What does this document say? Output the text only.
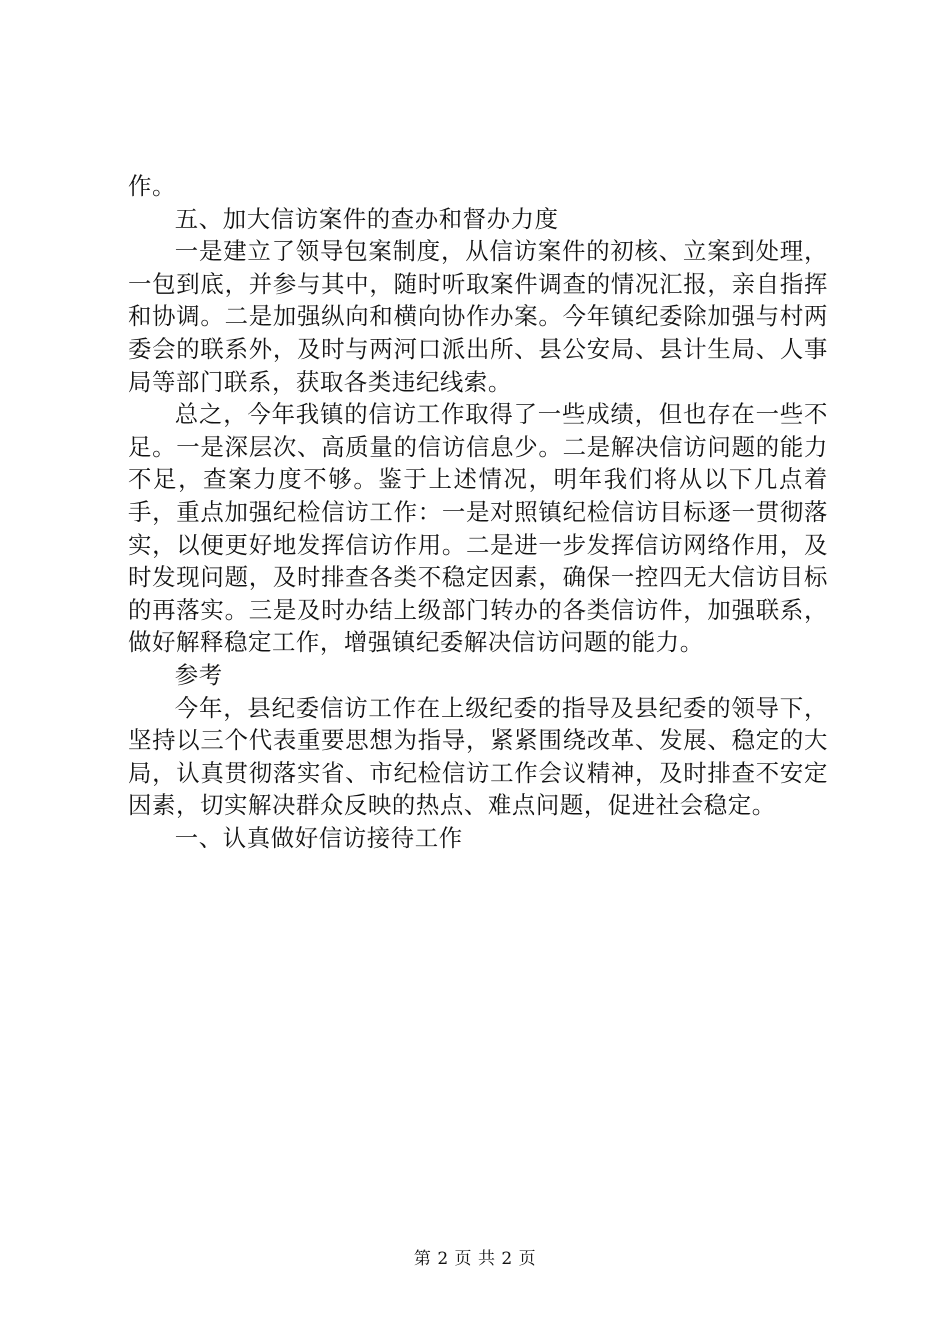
作。

五、加大信访案件的查办和督办力度

一是建立了领导包案制度，从信访案件的初核、立案到处理，一包到底，并参与其中，随时听取案件调查的情况汇报，亲自指挥和协调。二是加强纵向和横向协作办案。今年镇纪委除加强与村两委会的联系外，及时与两河口派出所、县公安局、县计生局、人事局等部门联系，获取各类违纪线索。

总之，今年我镇的信访工作取得了一些成绩，但也存在一些不足。一是深层次、高质量的信访信息少。二是解决信访问题的能力不足，查案力度不够。鉴于上述情况，明年我们将从以下几点着手，重点加强纪检信访工作：一是对照镇纪检信访目标逐一贯彻落实，以便更好地发挥信访作用。二是进一步发挥信访网络作用，及时发现问题，及时排查各类不稳定因素，确保一控四无大信访目标的再落实。三是及时办结上级部门转办的各类信访件，加强联系，做好解释稳定工作，增强镇纪委解决信访问题的能力。

参考

今年，县纪委信访工作在上级纪委的指导及县纪委的领导下，坚持以三个代表重要思想为指导，紧紧围绕改革、发展、稳定的大局，认真贯彻落实省、市纪检信访工作会议精神，及时排查不安定因素，切实解决群众反映的热点、难点问题，促进社会稳定。

一、认真做好信访接待工作

第 2 页 共 2 页
